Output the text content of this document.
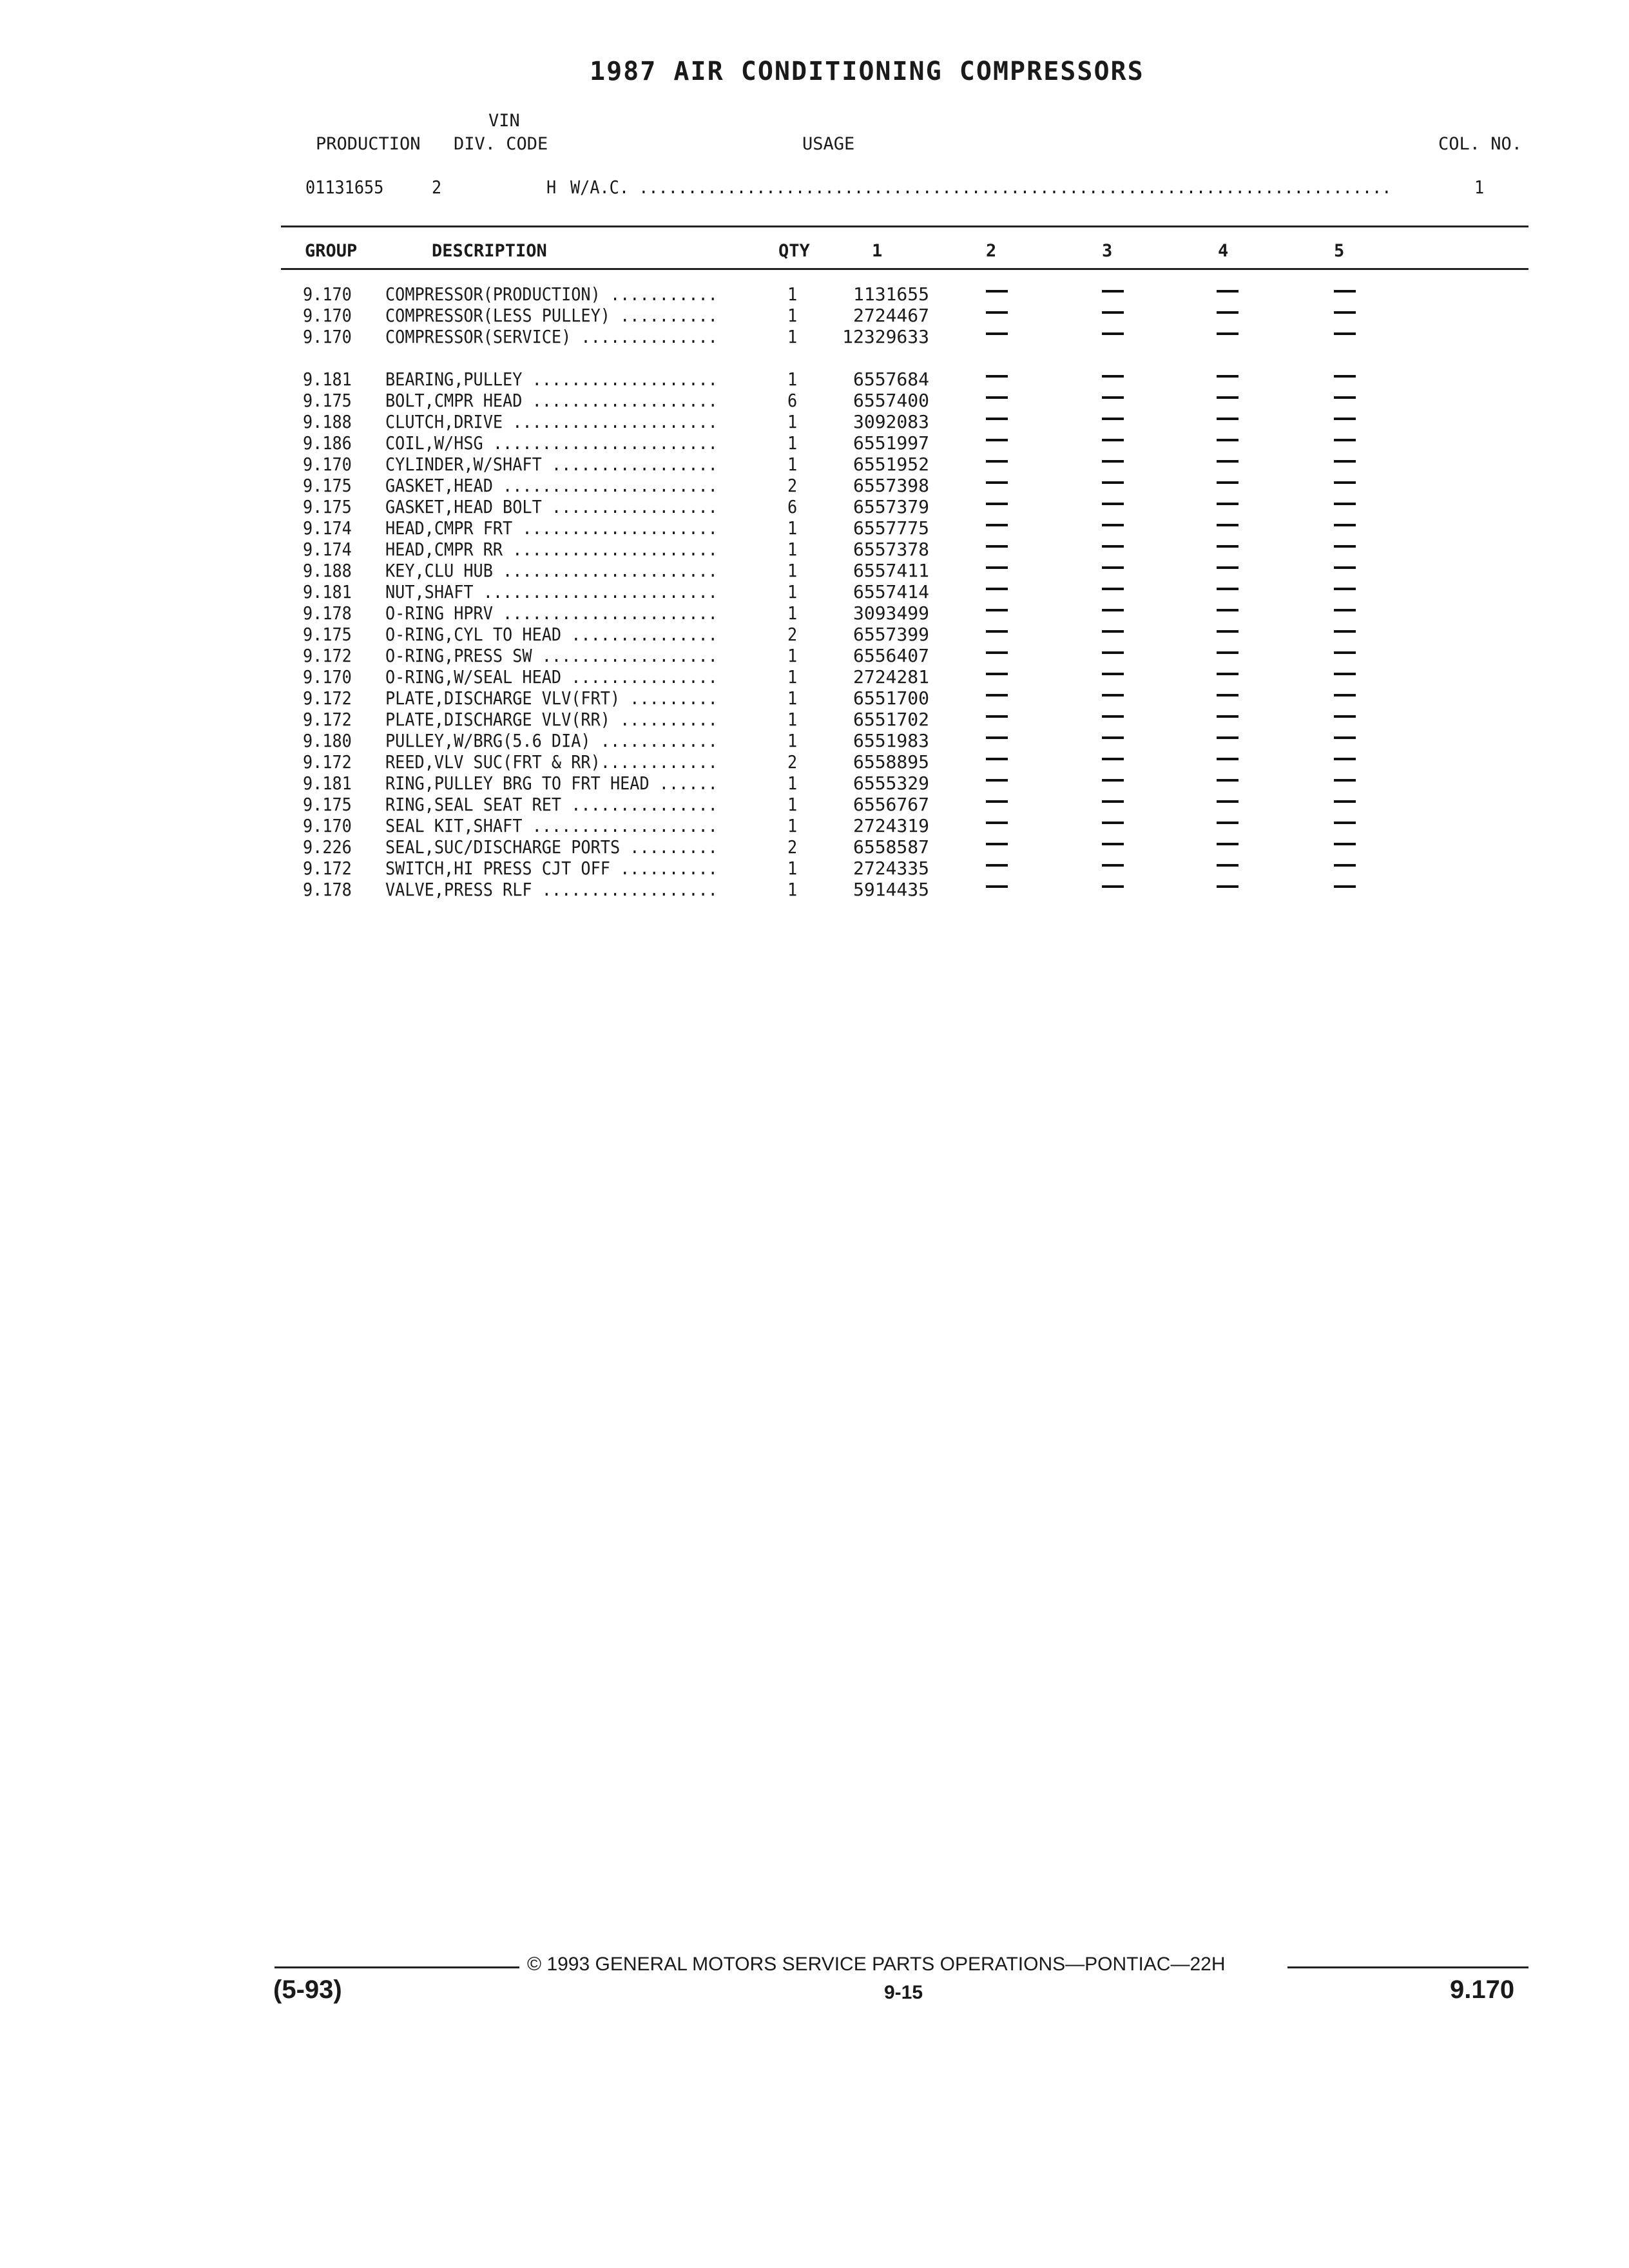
1987 AIR CONDITIONING COMPRESSORS
VIN
PRODUCTION DIV. CODE	USAGE	COL. NO.
01131655	2	H W/A.C. .............................................................................	1
GROUP	DESCRIPTION	QTY	1	2	3	4	5
9.170 COMPRESSOR(PRODUCTION) ...........	1	1131655
9.170 COMPRESSOR(LESS PULLEY) ..........	1	2724467
9.170 COMPRESSOR(SERVICE) ..............	1	12329633
9.181 BEARING,PULLEY ...................	1	6557684
9.175 BOLT,CMPR HEAD ...................	6	6557400
9.188 CLUTCH,DRIVE .....................	1	3092083
9.186 COIL,W/HSG .......................	1	6551997
9.170 CYLINDER,W/SHAFT .................	1	6551952
9.175 GASKET,HEAD ......................	2	6557398
9.175 GASKET,HEAD BOLT .................	6	6557379
9.174 HEAD,CMPR FRT ....................	1	6557775
9.174 HEAD,CMPR RR .....................	1	6557378
9.188 KEY,CLU HUB ......................	1	6557411
9.181 NUT,SHAFT ........................	1	6557414
9.178 O-RING HPRV ......................	1	3093499
9.175 O-RING,CYL TO HEAD ...............	2	6557399
9.172 O-RING,PRESS SW ..................	1	6556407
9.170 O-RING,W/SEAL HEAD ...............	1	2724281
9.172 PLATE,DISCHARGE VLV(FRT) .........	1	6551700
9.172 PLATE,DISCHARGE VLV(RR) ..........	1	6551702
9.180 PULLEY,W/BRG(5.6 DIA) ............	1	6551983
9.172 REED,VLV SUC(FRT & RR)............	2	6558895
9.181 RING,PULLEY BRG TO FRT HEAD ......	1	6555329
9.175 RING,SEAL SEAT RET ...............	1	6556767
9.170 SEAL KIT,SHAFT ...................	1	2724319
9.226 SEAL,SUC/DISCHARGE PORTS .........	2	6558587
9.172 SWITCH,HI PRESS CJT OFF ..........	1	2724335
9.178 VALVE,PRESS RLF ..................	1	5914435
© 1993 GENERAL MOTORS SERVICE PARTS OPERATIONS—PONTIAC—22H
(5-93)	9-15	9.170
